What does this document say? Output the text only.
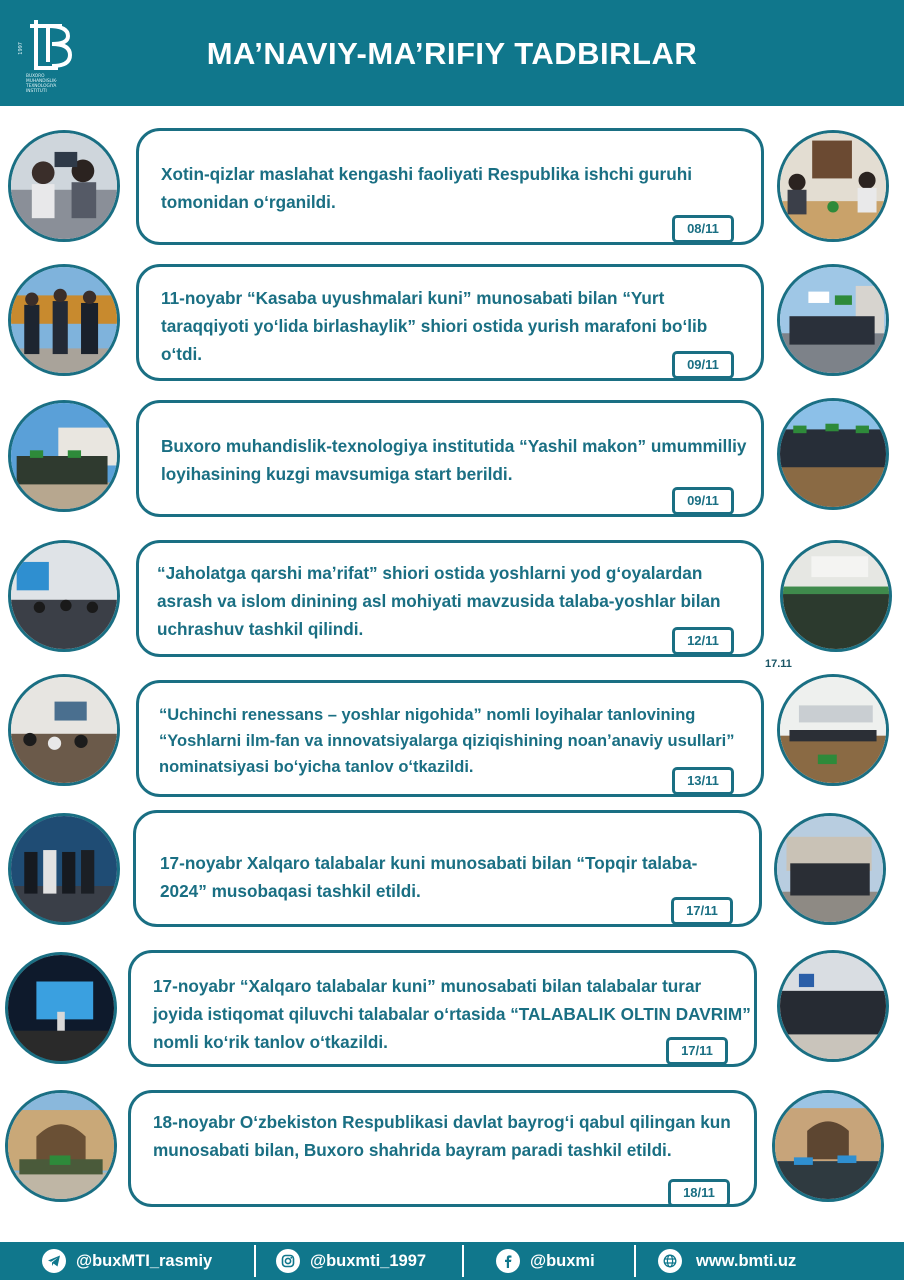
1997
BUXORO MUHANDISLIK-TEXNOLOGIYA INSTITUTI
MA’NAVIY-MA’RIFIY TADBIRLAR
Xotin-qizlar maslahat kengashi faoliyati Respublika ishchi guruhi tomonidan oʻrganildi.
08/11
11-noyabr “Kasaba uyushmalari kuni” munosabati bilan “Yurt taraqqiyoti yoʻlida birlashaylik” shiori ostida yurish marafoni boʻlib oʻtdi.
09/11
Buxoro muhandislik-texnologiya institutida “Yashil makon” umummilliy loyihasining kuzgi mavsumiga start berildi.
09/11
“Jaholatga qarshi maʼrifat” shiori ostida yoshlarni yod gʻoyalardan asrash va islom dinining asl mohiyati mavzusida talaba-yoshlar bilan uchrashuv tashkil qilindi.
12/11
17.11
“Uchinchi renessans – yoshlar nigohida” nomli loyihalar tanlovining “Yoshlarni ilm-fan va innovatsiyalarga qiziqishining noanʼanaviy usullari” nominatsiyasi boʻyicha tanlov oʻtkazildi.
13/11
17-noyabr Xalqaro talabalar kuni munosabati bilan “Topqir talaba-2024” musobaqasi tashkil etildi.
17/11
17-noyabr “Xalqaro talabalar kuni” munosabati bilan talabalar turar joyida istiqomat qiluvchi talabalar oʻrtasida “TALABALIK OLTIN DAVRIM” nomli koʻrik tanlov oʻtkazildi.	17/11
18-noyabr Oʻzbekiston Respublikasi davlat bayrogʻi qabul qilingan kun munosabati bilan, Buxoro shahrida bayram paradi tashkil etildi.
18/11
@buxMTI_rasmiy	@buxmti_1997	@buxmi	www.bmti.uz
